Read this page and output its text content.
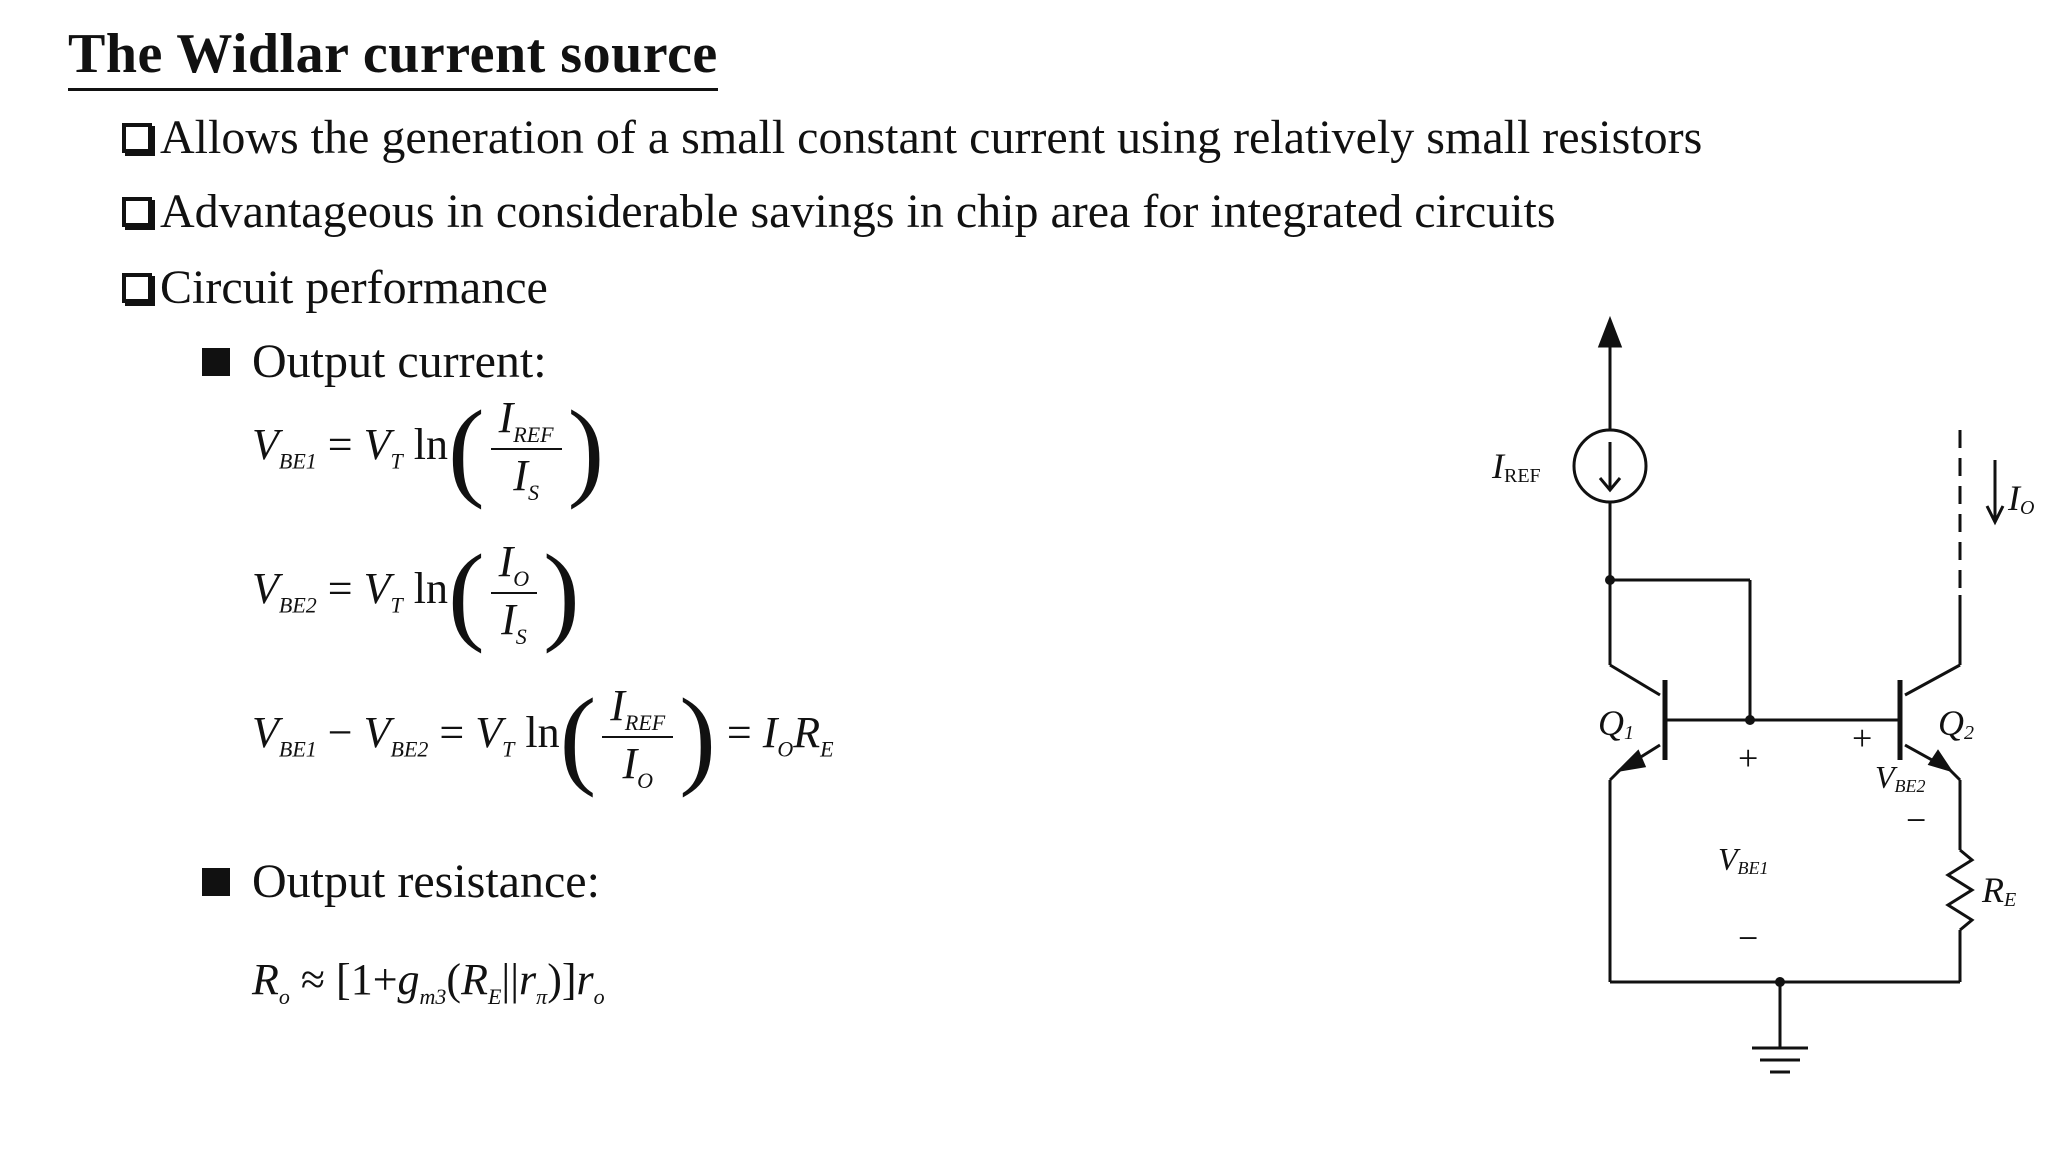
The Widlar current source
Allows the generation of a small constant current using relatively small resistors
Advantageous in considerable savings in chip area for integrated circuits
Circuit performance
Output current:
$V_{BE1} = V_T$ $\ln( \frac{I_{REF}}{I_S}$ )
$V_{BE2} = V_T$ $\ln( \frac{I_O}{I_S}$ )
$V_{BE1} - V_{BE2} = V_T$ $\ln( \frac{I_{REF}}{I_O}$ ) = $I_OR_E$
Output resistance:
$R_o \approx [1+g_{m3}(R_E||r_\pi)]r_o$
IREF
IO
Q1	Q2
VBE2
VBE1
RE
+
−
+
−
